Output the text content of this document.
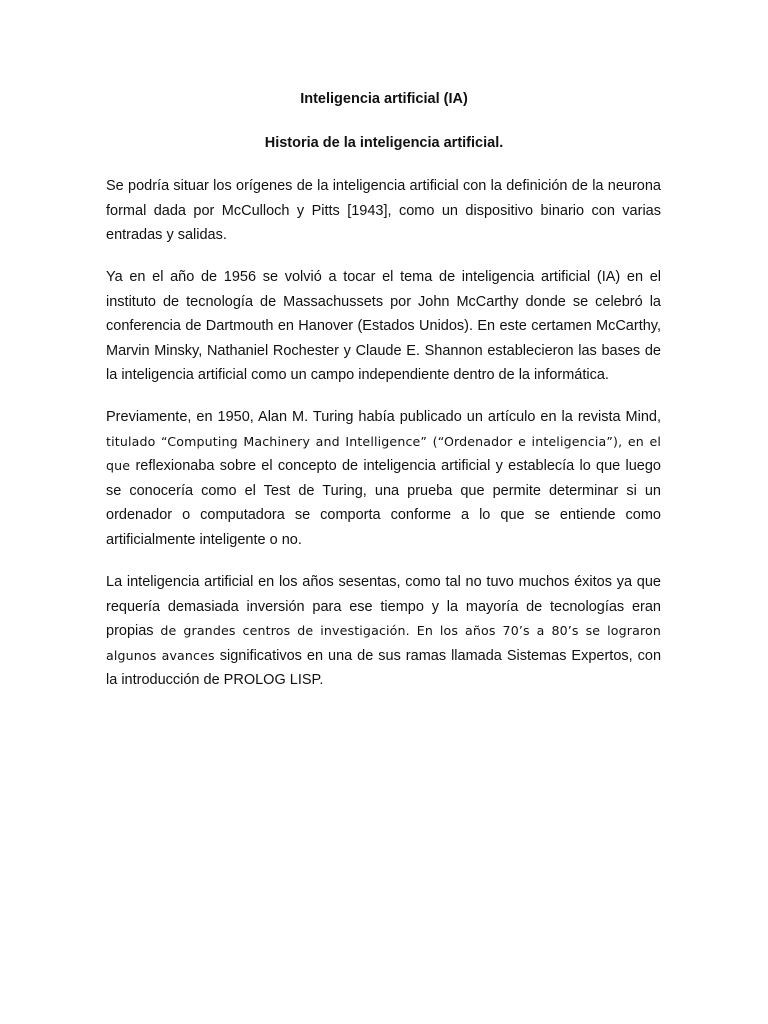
Inteligencia artificial (IA)

Historia de la inteligencia artificial.

Se podría situar los orígenes de la inteligencia artificial con la definición de la neurona formal dada por McCulloch y Pitts [1943], como un dispositivo binario con varias entradas y salidas.

Ya en el año de 1956 se volvió a tocar el tema de inteligencia artificial (IA) en el instituto de tecnología de Massachussets por John McCarthy donde se celebró la conferencia de Dartmouth en Hanover (Estados Unidos). En este certamen McCarthy, Marvin Minsky, Nathaniel Rochester y Claude E. Shannon establecieron las bases de la inteligencia artificial como un campo independiente dentro de la informática.

Previamente, en 1950, Alan M. Turing había publicado un artículo en la revista Mind, titulado “Computing Machinery and Intelligence” (“Ordenador e inteligencia”), en el que reflexionaba sobre el concepto de inteligencia artificial y establecía lo que luego se conocería como el Test de Turing, una prueba que permite determinar si un ordenador o computadora se comporta conforme a lo que se entiende como artificialmente inteligente o no.

La inteligencia artificial en los años sesentas, como tal no tuvo muchos éxitos ya que requería demasiada inversión para ese tiempo y la mayoría de tecnologías eran propias de grandes centros de investigación. En los años 70’s a 80’s se lograron algunos avances significativos en una de sus ramas llamada Sistemas Expertos, con la introducción de PROLOG LISP.
